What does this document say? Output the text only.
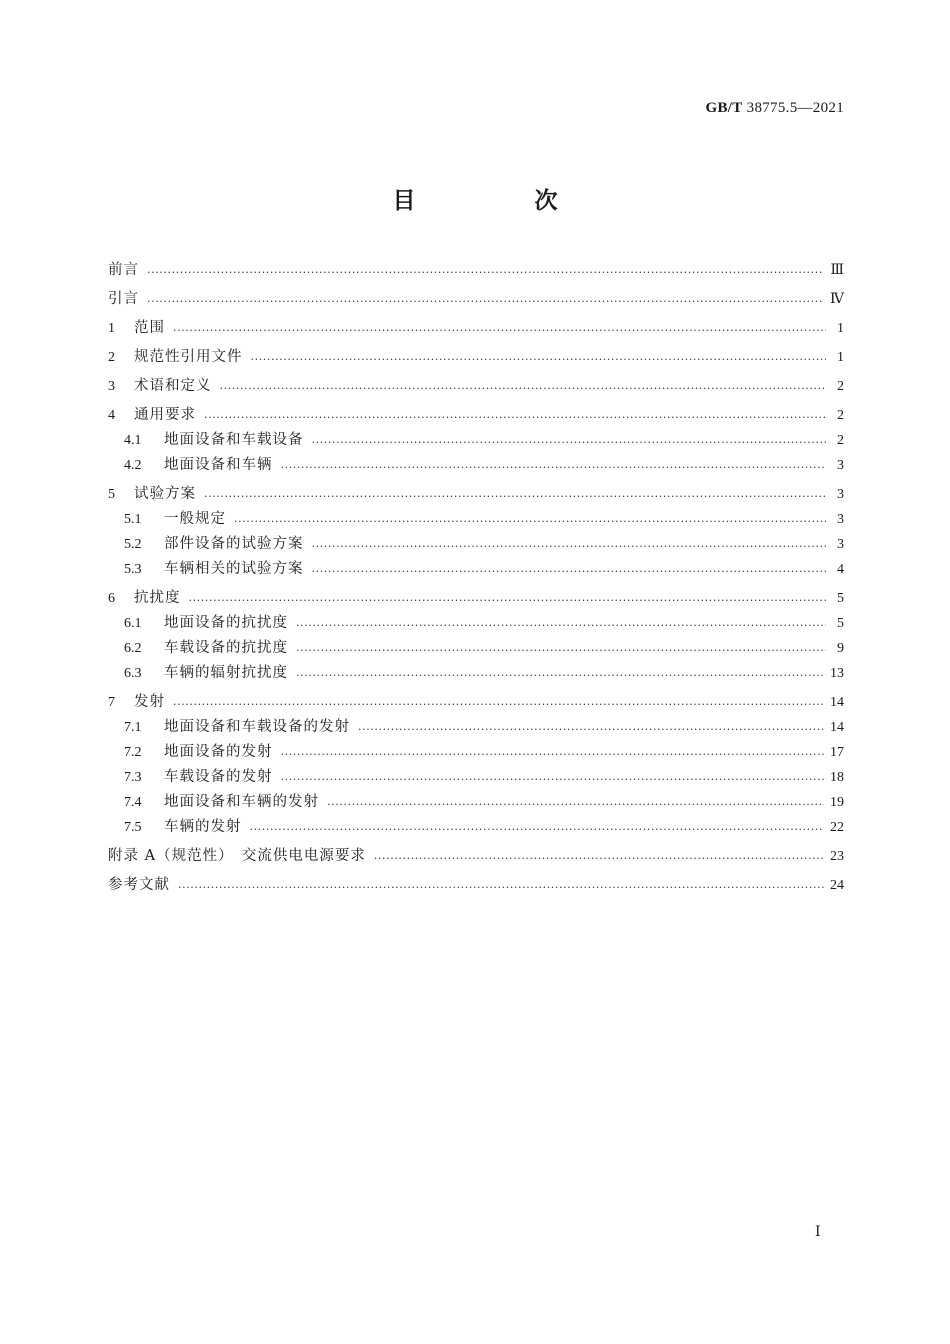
GB/T 38775.5—2021
目　次
前言 ·····	Ⅲ
引言 ·····	Ⅳ
1	范围 ·····	1
2	规范性引用文件 ·····	1
3	术语和定义 ·····	2
4	通用要求 ·····	2
4.1	地面设备和车载设备 ·····	2
4.2	地面设备和车辆 ·····	3
5	试验方案 ·····	3
5.1	一般规定 ·····	3
5.2	部件设备的试验方案 ·····	3
5.3	车辆相关的试验方案 ·····	4
6	抗扰度 ·····	5
6.1	地面设备的抗扰度 ·····	5
6.2	车载设备的抗扰度 ·····	9
6.3	车辆的辐射抗扰度 ·····	13
7	发射 ·····	14
7.1	地面设备和车载设备的发射 ·····	14
7.2	地面设备的发射 ·····	17
7.3	车载设备的发射 ·····	18
7.4	地面设备和车辆的发射 ·····	19
7.5	车辆的发射 ·····	22
附录 A（规范性）　交流供电电源要求 ·····	23
参考文献 ·····	24
Ⅰ
